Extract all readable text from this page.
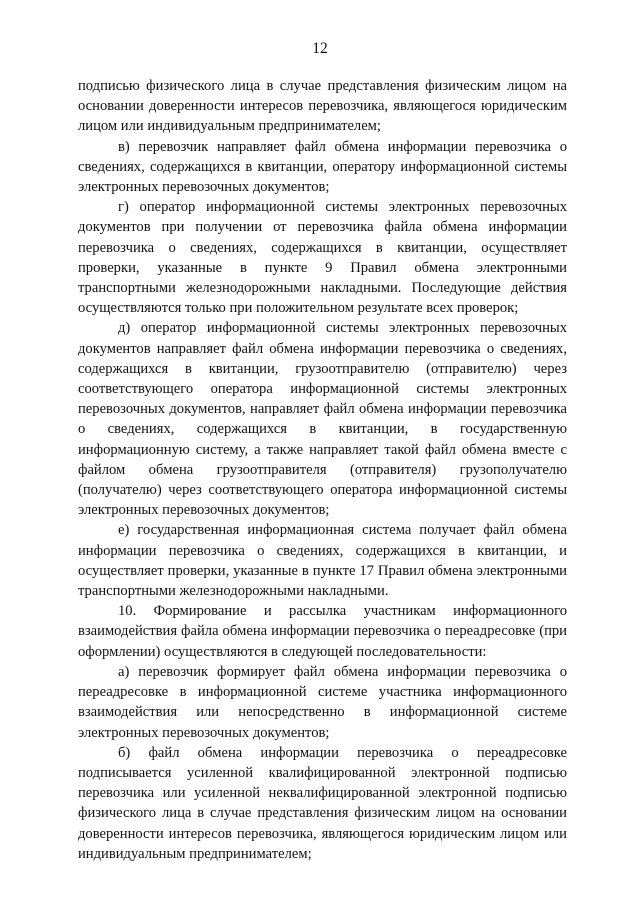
12

подписью физического лица в случае представления физическим лицом на основании доверенности интересов перевозчика, являющегося юридическим лицом или индивидуальным предпринимателем;

в) перевозчик направляет файл обмена информации перевозчика о сведениях, содержащихся в квитанции, оператору информационной системы электронных перевозочных документов;

г) оператор информационной системы электронных перевозочных документов при получении от перевозчика файла обмена информации перевозчика о сведениях, содержащихся в квитанции, осуществляет проверки, указанные в пункте 9 Правил обмена электронными транспортными железнодорожными накладными. Последующие действия осуществляются только при положительном результате всех проверок;

д) оператор информационной системы электронных перевозочных документов направляет файл обмена информации перевозчика о сведениях, содержащихся в квитанции, грузоотправителю (отправителю) через соответствующего оператора информационной системы электронных перевозочных документов, направляет файл обмена информации перевозчика о сведениях, содержащихся в квитанции, в государственную информационную систему, а также направляет такой файл обмена вместе с файлом обмена грузоотправителя (отправителя) грузополучателю (получателю) через соответствующего оператора информационной системы электронных перевозочных документов;

е) государственная информационная система получает файл обмена информации перевозчика о сведениях, содержащихся в квитанции, и осуществляет проверки, указанные в пункте 17 Правил обмена электронными транспортными железнодорожными накладными.

10. Формирование и рассылка участникам информационного взаимодействия файла обмена информации перевозчика о переадресовке (при оформлении) осуществляются в следующей последовательности:

а) перевозчик формирует файл обмена информации перевозчика о переадресовке в информационной системе участника информационного взаимодействия или непосредственно в информационной системе электронных перевозочных документов;

б) файл обмена информации перевозчика о переадресовке подписывается усиленной квалифицированной электронной подписью перевозчика или усиленной неквалифицированной электронной подписью физического лица в случае представления физическим лицом на основании доверенности интересов перевозчика, являющегося юридическим лицом или индивидуальным предпринимателем;
